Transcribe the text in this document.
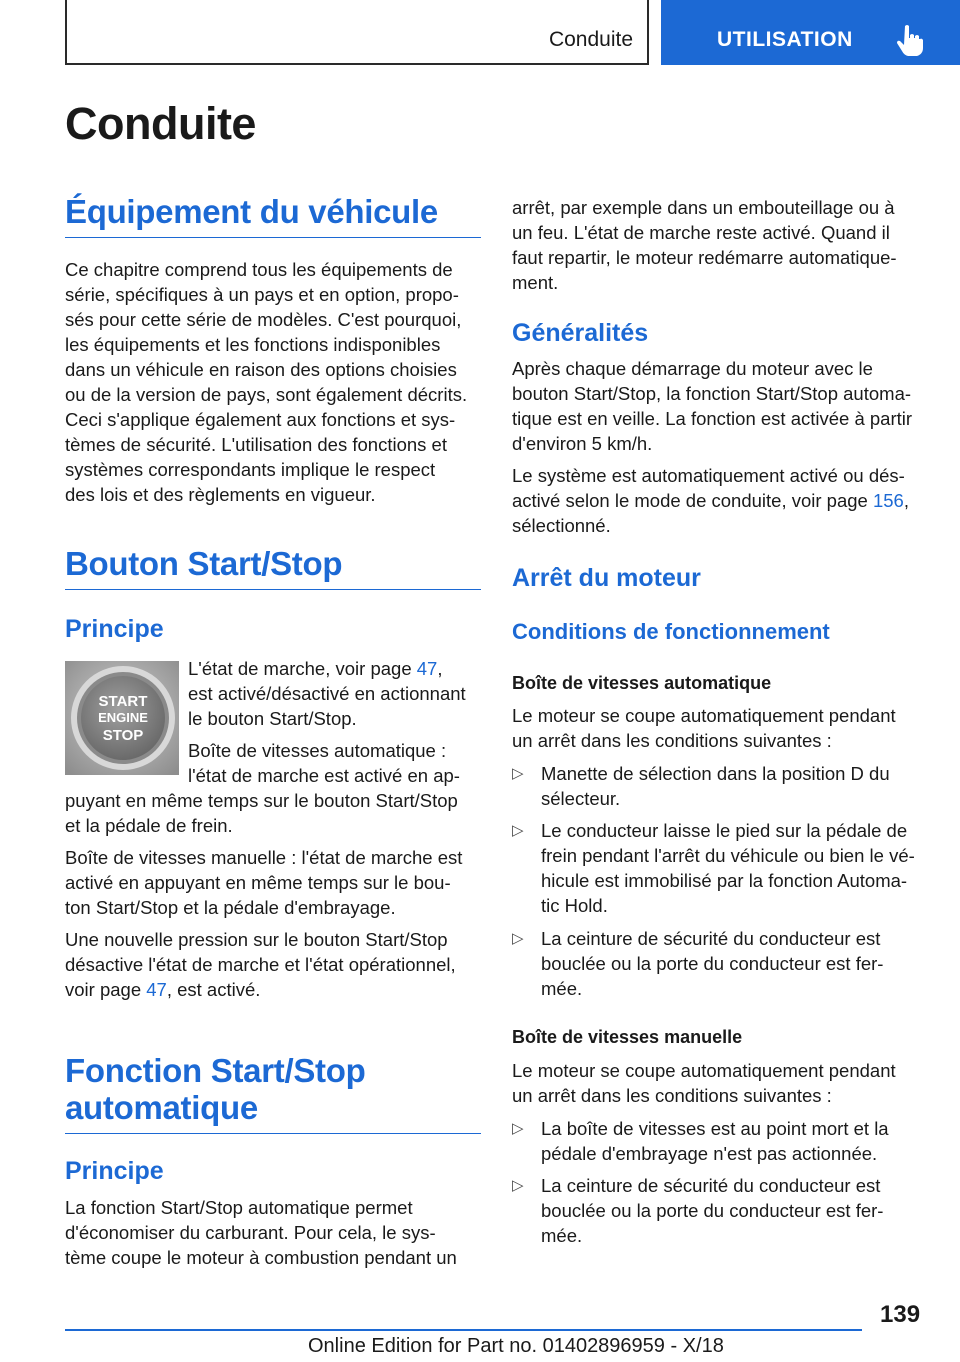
Conduite	UTILISATION
Conduite
Équipement du véhicule
Ce chapitre comprend tous les équipements de
série, spécifiques à un pays et en option, propo‐
sés pour cette série de modèles. C'est pourquoi,
les équipements et les fonctions indisponibles
dans un véhicule en raison des options choisies
ou de la version de pays, sont également décrits.
Ceci s'applique également aux fonctions et sys‐
tèmes de sécurité. L'utilisation des fonctions et
systèmes correspondants implique le respect
des lois et des règlements en vigueur.
Bouton Start/Stop
Principe
START
ENGINE
STOP
L'état de marche, voir page 47,
est activé/désactivé en actionnant
le bouton Start/Stop.
Boîte de vitesses automatique :
l'état de marche est activé en ap‐
puyant en même temps sur le bouton Start/Stop
et la pédale de frein.
Boîte de vitesses manuelle : l'état de marche est
activé en appuyant en même temps sur le bou‐
ton Start/Stop et la pédale d'embrayage.
Une nouvelle pression sur le bouton Start/Stop
désactive l'état de marche et l'état opérationnel,
voir page 47, est activé.
Fonction Start/Stop
automatique
Principe
La fonction Start/Stop automatique permet
d'économiser du carburant. Pour cela, le sys‐
tème coupe le moteur à combustion pendant un
arrêt, par exemple dans un embouteillage ou à
un feu. L'état de marche reste activé. Quand il
faut repartir, le moteur redémarre automatique‐
ment.
Généralités
Après chaque démarrage du moteur avec le
bouton Start/Stop, la fonction Start/Stop automa‐
tique est en veille. La fonction est activée à partir
d'environ 5 km/h.
Le système est automatiquement activé ou dés‐
activé selon le mode de conduite, voir page 156,
sélectionné.
Arrêt du moteur
Conditions de fonctionnement
Boîte de vitesses automatique
Le moteur se coupe automatiquement pendant
un arrêt dans les conditions suivantes :
▷ Manette de sélection dans la position D du
sélecteur.
▷ Le conducteur laisse le pied sur la pédale de
frein pendant l'arrêt du véhicule ou bien le vé‐
hicule est immobilisé par la fonction Automa‐
tic Hold.
▷ La ceinture de sécurité du conducteur est
bouclée ou la porte du conducteur est fer‐
mée.
Boîte de vitesses manuelle
Le moteur se coupe automatiquement pendant
un arrêt dans les conditions suivantes :
▷ La boîte de vitesses est au point mort et la
pédale d'embrayage n'est pas actionnée.
▷ La ceinture de sécurité du conducteur est
bouclée ou la porte du conducteur est fer‐
mée.
139
Online Edition for Part no. 01402896959 - X/18
